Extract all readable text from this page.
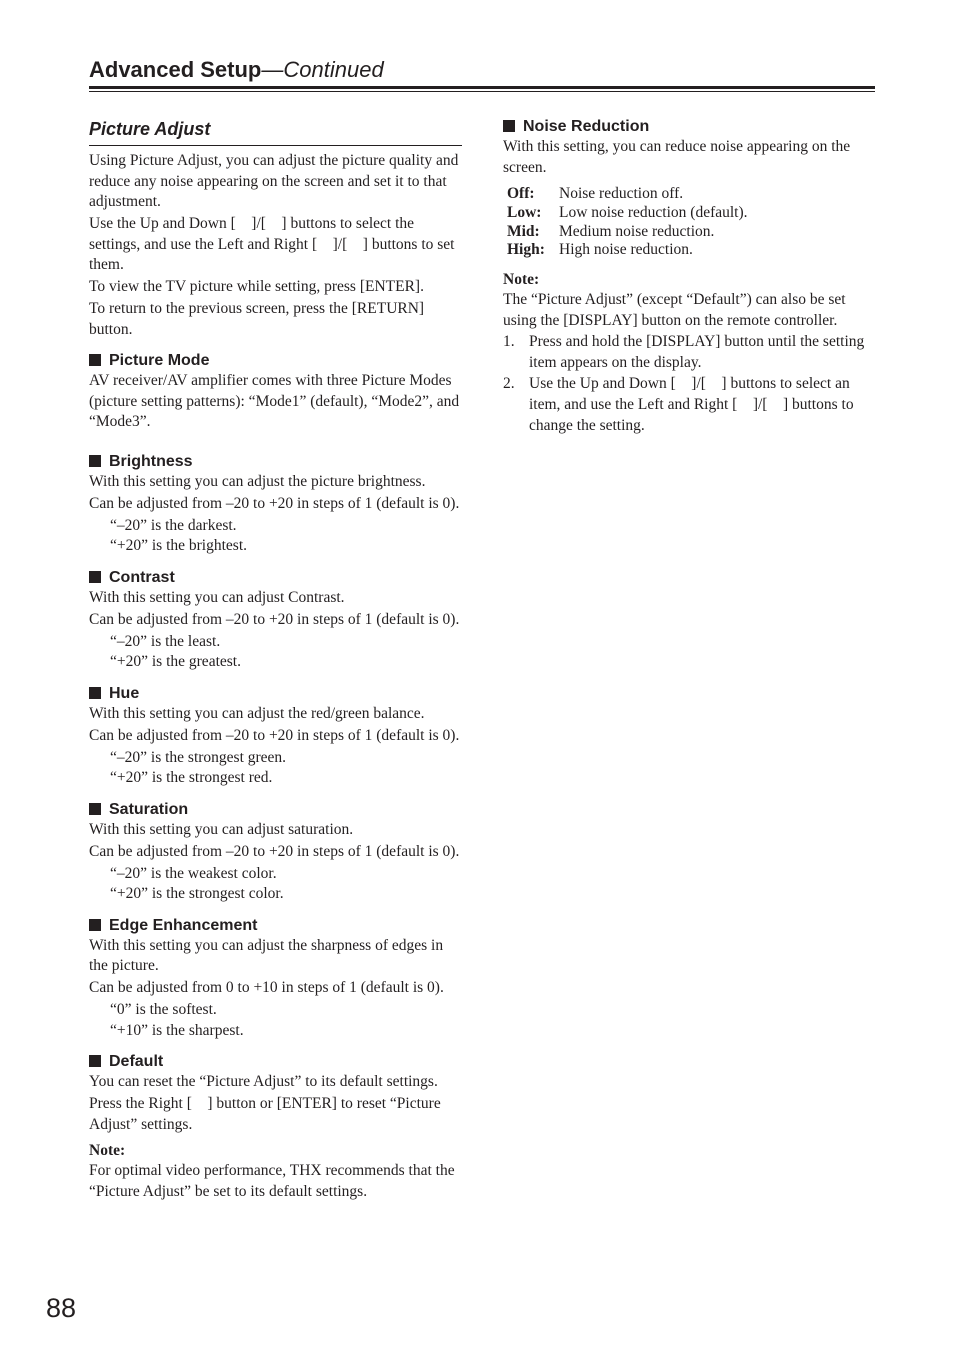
Advanced Setup—Continued
Picture Adjust

Using Picture Adjust, you can adjust the picture quality and reduce any noise appearing on the screen and set it to that adjustment.

Use the Up and Down [  ]/[  ] buttons to select the settings, and use the Left and Right [  ]/[  ] buttons to set them.

To view the TV picture while setting, press [ENTER].

To return to the previous screen, press the [RETURN] button.

Picture Mode

AV receiver/AV amplifier comes with three Picture Modes (picture setting patterns): “Mode1” (default), “Mode2”, and “Mode3”.

Brightness

With this setting you can adjust the picture brightness.

Can be adjusted from –20 to +20 in steps of 1 (default is 0).

“–20” is the darkest.

“+20” is the brightest.

Contrast

With this setting you can adjust Contrast.

Can be adjusted from –20 to +20 in steps of 1 (default is 0).

“–20” is the least.

“+20” is the greatest.

Hue

With this setting you can adjust the red/green balance.

Can be adjusted from –20 to +20 in steps of 1 (default is 0).

“–20” is the strongest green.

“+20” is the strongest red.

Saturation

With this setting you can adjust saturation.

Can be adjusted from –20 to +20 in steps of 1 (default is 0).

“–20” is the weakest color.

“+20” is the strongest color.

Edge Enhancement

With this setting you can adjust the sharpness of edges in the picture.

Can be adjusted from 0 to +10 in steps of 1 (default is 0).

“0” is the softest.

“+10” is the sharpest.

Default

You can reset the “Picture Adjust” to its default settings.

Press the Right [  ] button or [ENTER] to reset “Picture Adjust” settings.

Note:

For optimal video performance, THX recommends that the “Picture Adjust” be set to its default settings.

Noise Reduction

With this setting, you can reduce noise appearing on the screen.

Off:	Noise reduction off.
Low:	Low noise reduction (default).
Mid:	Medium noise reduction.
High: High noise reduction.
Note:

The “Picture Adjust” (except “Default”) can also be set using the [DISPLAY] button on the remote controller.

1. Press and hold the [DISPLAY] button until the setting item appears on the display.
2. Use the Up and Down [  ]/[  ] buttons to select an item, and use the Left and Right [  ]/[  ] buttons to change the setting.
88
